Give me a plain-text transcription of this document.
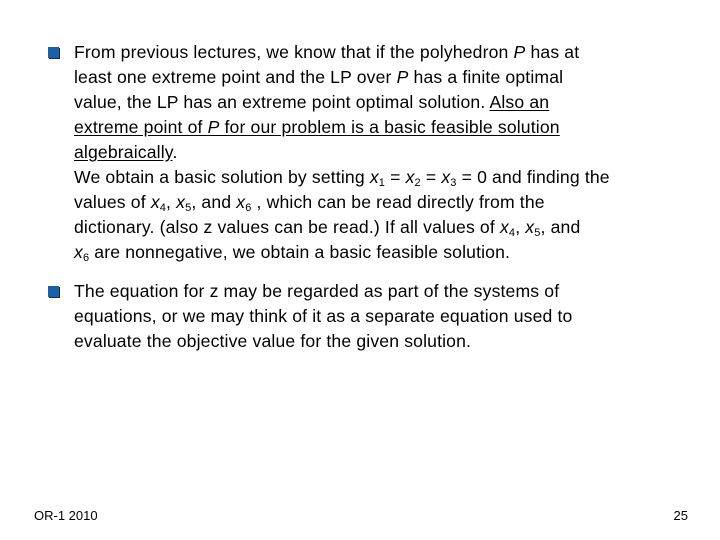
From previous lectures, we know that if the polyhedron P has at
least one extreme point and the LP over P has a finite optimal
value, the LP has an extreme point optimal solution. Also an
extreme point of P for our problem is a basic feasible solution
algebraically.
We obtain a basic solution by setting $x_1 = x_2 = x_3 = 0$ and finding the
values of $x_4$, $x_5$, and $x_6$ , which can be read directly from the
dictionary. (also z values can be read.) If all values of $x_4$, $x_5$, and
$x_6$ are nonnegative, we obtain a basic feasible solution.
The equation for z may be regarded as part of the systems of
equations, or we may think of it as a separate equation used to
evaluate the objective value for the given solution.
OR-1 2010	25
